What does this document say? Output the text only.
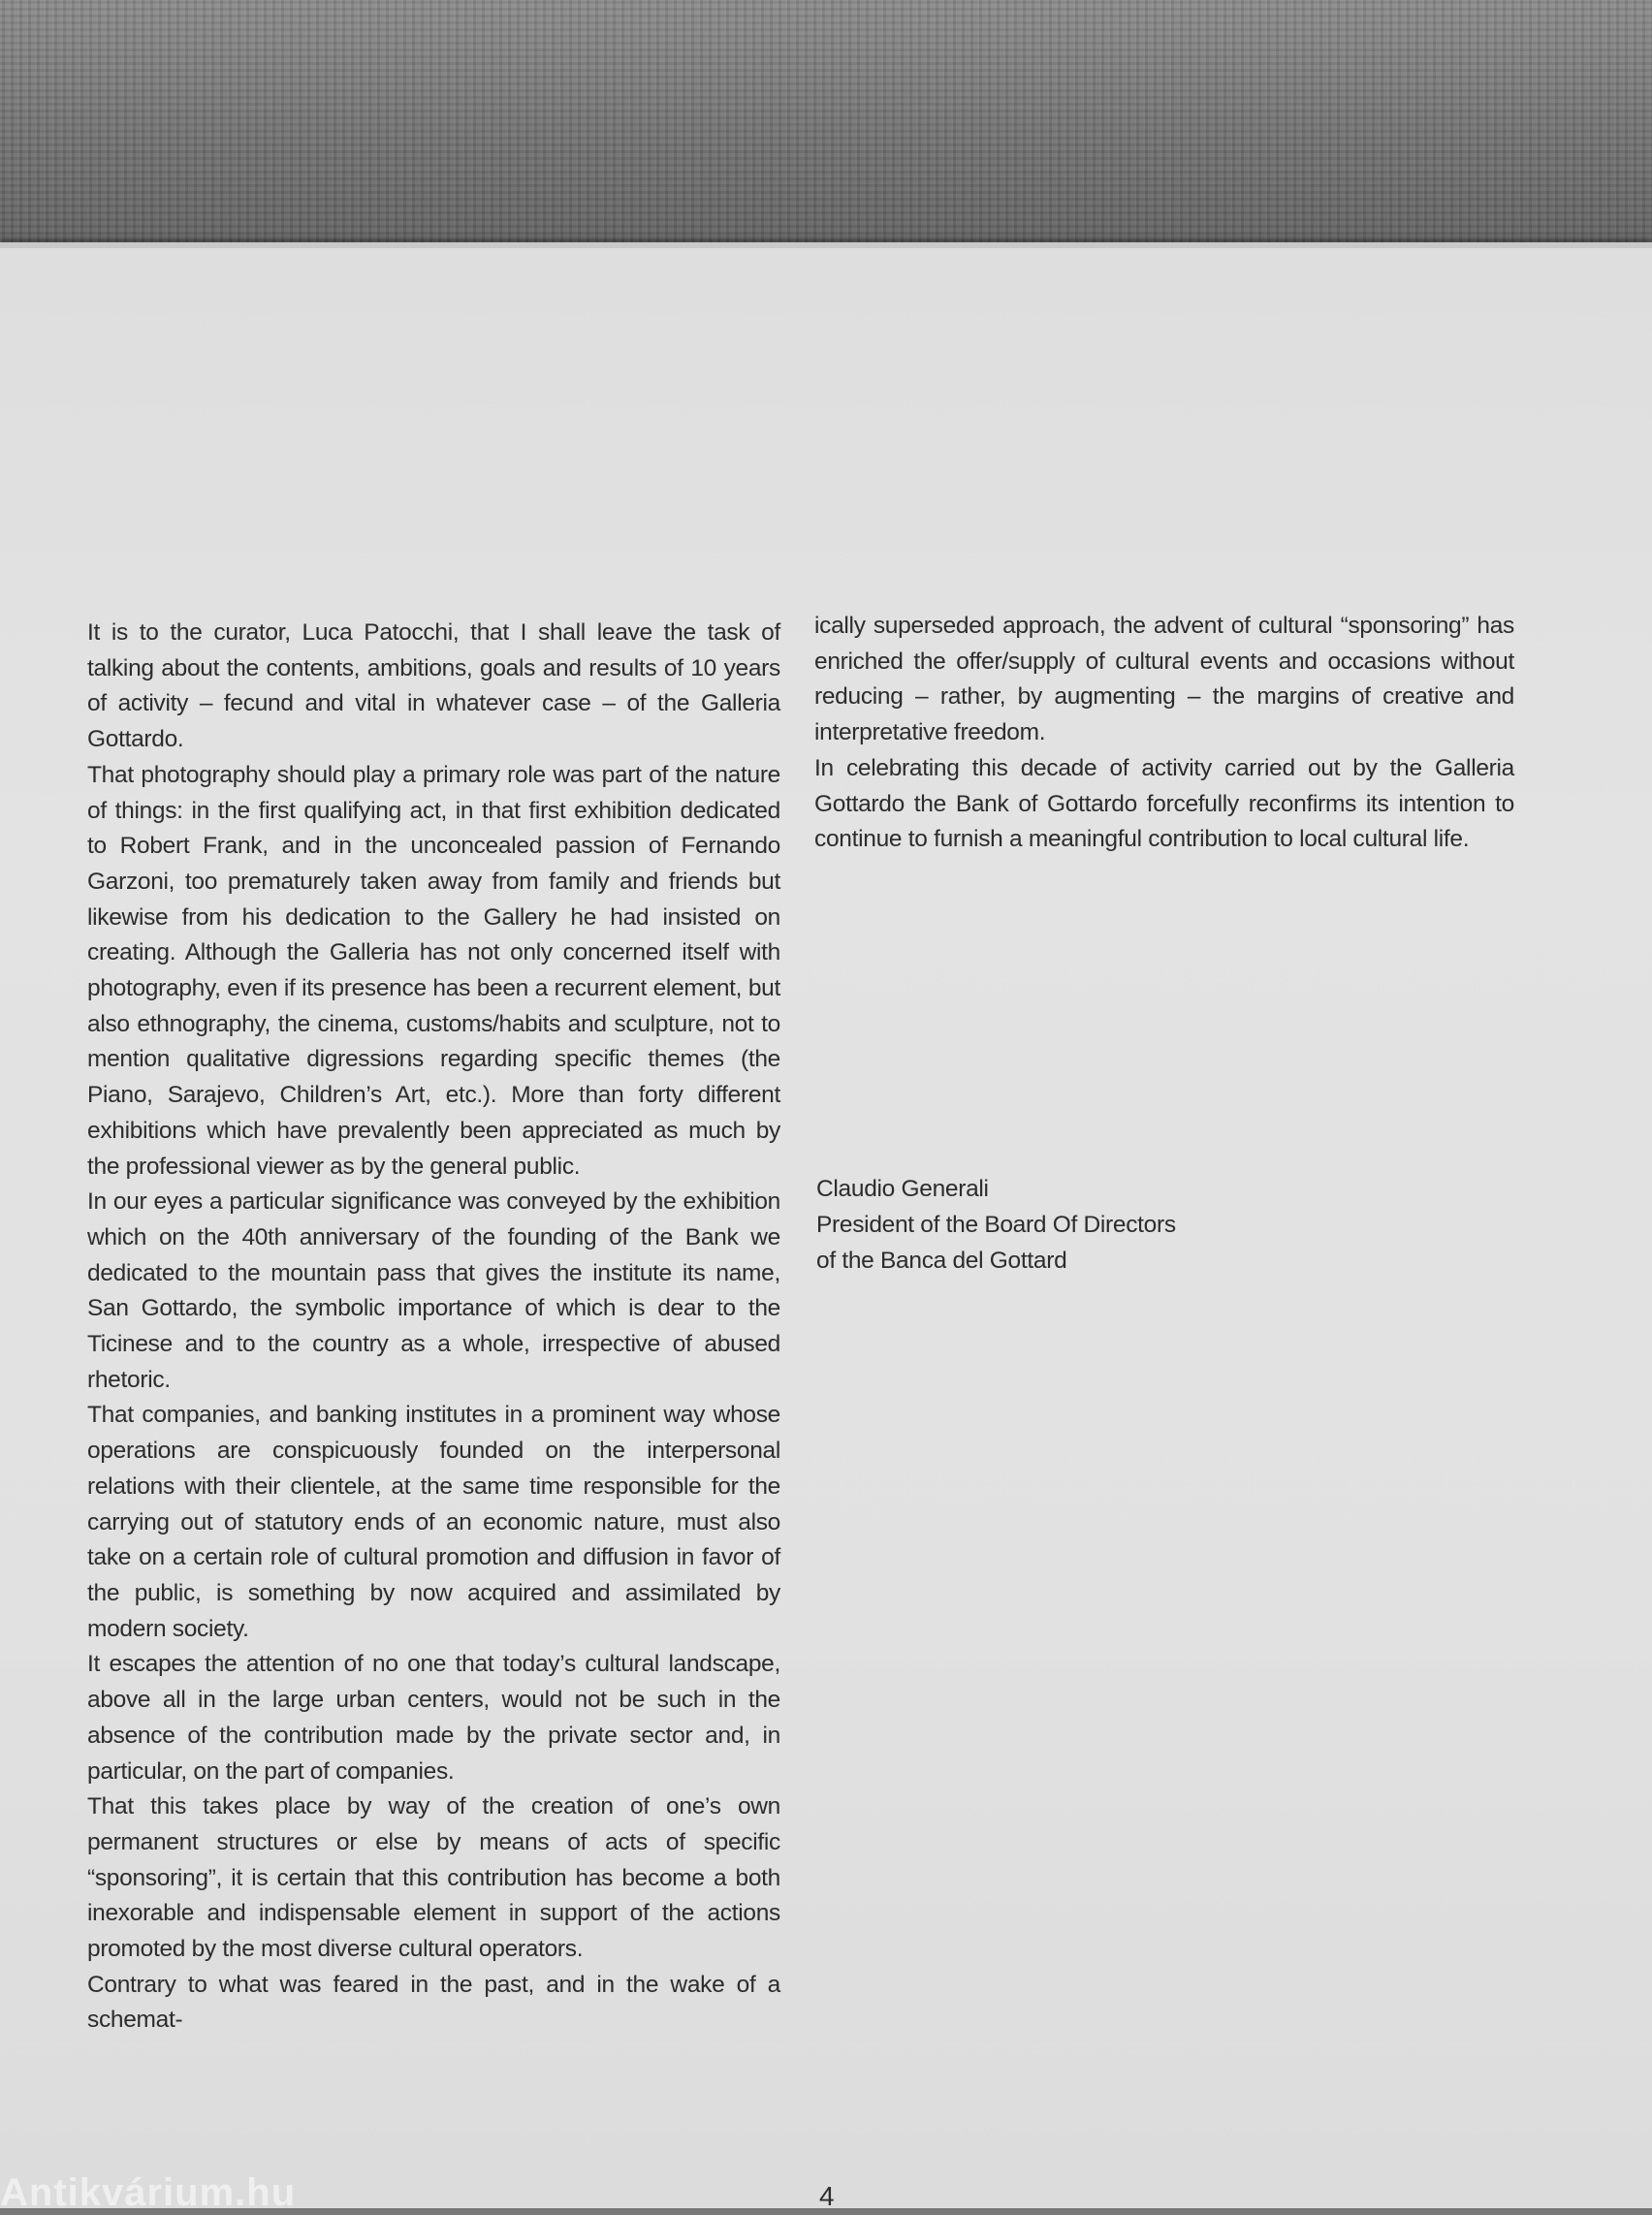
It is to the curator, Luca Patocchi, that I shall leave the task of talking about the contents, ambitions, goals and results of 10 years of activity – fecund and vital in whatever case – of the Galleria Gottardo.

That photography should play a primary role was part of the nature of things: in the first qualifying act, in that first exhibition dedicated to Robert Frank, and in the unconcealed passion of Fernando Garzoni, too prematurely taken away from family and friends but likewise from his dedication to the Gallery he had insisted on creating. Although the Galleria has not only concerned itself with photography, even if its presence has been a recurrent element, but also ethnography, the cinema, customs/habits and sculpture, not to mention qualitative digressions regarding specific themes (the Piano, Sarajevo, Children’s Art, etc.). More than forty different exhibitions which have prevalently been appreciated as much by the professional viewer as by the general public.

In our eyes a particular significance was conveyed by the exhibition which on the 40th anniversary of the founding of the Bank we dedicated to the mountain pass that gives the institute its name, San Gottardo, the symbolic importance of which is dear to the Ticinese and to the country as a whole, irrespective of abused rhetoric.

That companies, and banking institutes in a prominent way whose operations are conspicuously founded on the interpersonal relations with their clientele, at the same time responsible for the carrying out of statutory ends of an economic nature, must also take on a certain role of cultural promotion and diffusion in favor of the public, is something by now acquired and assimilated by modern society.

It escapes the attention of no one that today’s cultural landscape, above all in the large urban centers, would not be such in the absence of the contribution made by the private sector and, in particular, on the part of companies.

That this takes place by way of the creation of one’s own permanent structures or else by means of acts of specific “sponsoring”, it is certain that this contribution has become a both inexorable and indispensable element in support of the actions promoted by the most diverse cultural operators.

Contrary to what was feared in the past, and in the wake of a schemat-

ically superseded approach, the advent of cultural “sponsoring” has enriched the offer/supply of cultural events and occasions without reducing – rather, by augmenting – the margins of creative and interpretative freedom.

In celebrating this decade of activity carried out by the Galleria Gottardo the Bank of Gottardo forcefully reconfirms its intention to continue to furnish a meaningful contribution to local cultural life.

Claudio Generali
President of the Board Of Directors
of the Banca del Gottard
Antikvárium.hu	4
